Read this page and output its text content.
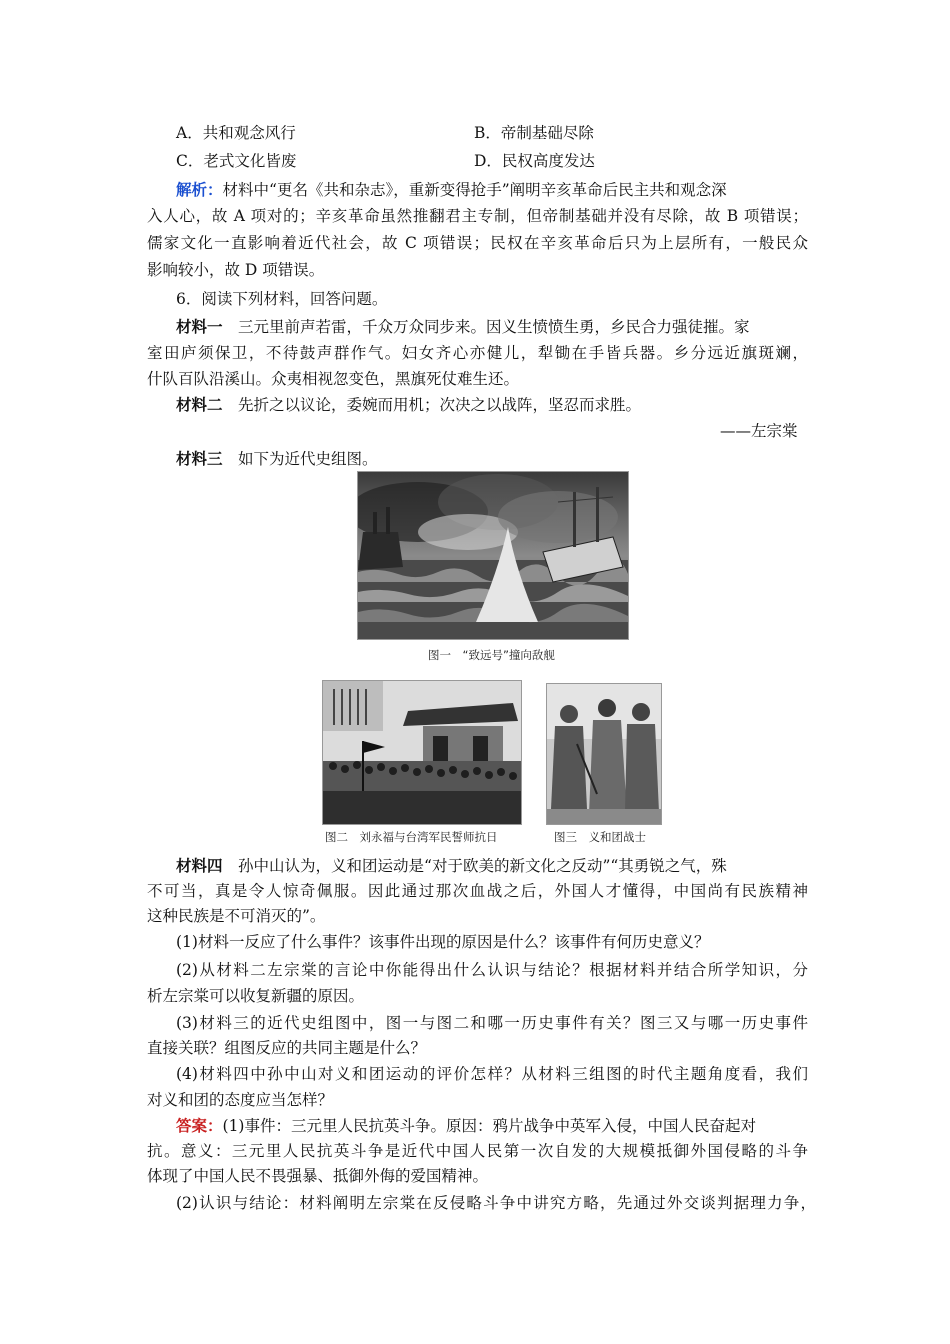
A．共和观念风行	B．帝制基础尽除
C．老式文化皆废	D．民权高度发达
解析：材料中“更名《共和杂志》，重新变得抢手”阐明辛亥革命后民主共和观念深
入人心，故 A 项对的；辛亥革命虽然推翻君主专制，但帝制基础并没有尽除，故 B 项错误；
儒家文化一直影响着近代社会，故 C 项错误；民权在辛亥革命后只为上层所有，一般民众
影响较小，故 D 项错误。
6．阅读下列材料，回答问题。
材料一　 三元里前声若雷，千众万众同步来。因义生愤愤生勇，乡民合力强徒摧。家
室田庐须保卫，不待鼓声群作气。妇女齐心亦健儿，犁锄在手皆兵器。乡分远近旗斑斓，
什队百队沿溪山。众夷相视忽变色，黑旗死仗难生还。
材料二　 先折之以议论，委婉而用机；次决之以战阵，坚忍而求胜。
——左宗棠
材料三　 如下为近代史组图。
图一　“致远号”撞向敌舰
图二　刘永福与台湾军民誓师抗日	图三　义和团战士
材料四　 孙中山认为，义和团运动是“对于欧美的新文化之反动”“其勇锐之气，殊
不可当，真是令人惊奇佩服。因此通过那次血战之后，外国人才懂得，中国尚有民族精神
这种民族是不可消灭的”。
(1)材料一反应了什么事件？该事件出现的原因是什么？该事件有何历史意义？
(2)从材料二左宗棠的言论中你能得出什么认识与结论？根据材料并结合所学知识，分
析左宗棠可以收复新疆的原因。
(3)材料三的近代史组图中，图一与图二和哪一历史事件有关？图三又与哪一历史事件
直接关联？组图反应的共同主题是什么？
(4)材料四中孙中山对义和团运动的评价怎样？从材料三组图的时代主题角度看，我们
对义和团的态度应当怎样？
答案：(1)事件：三元里人民抗英斗争。原因：鸦片战争中英军入侵，中国人民奋起对
抗。意义：三元里人民抗英斗争是近代中国人民第一次自发的大规模抵御外国侵略的斗争
体现了中国人民不畏强暴、抵御外侮的爱国精神。
(2)认识与结论：材料阐明左宗棠在反侵略斗争中讲究方略，先通过外交谈判据理力争，
